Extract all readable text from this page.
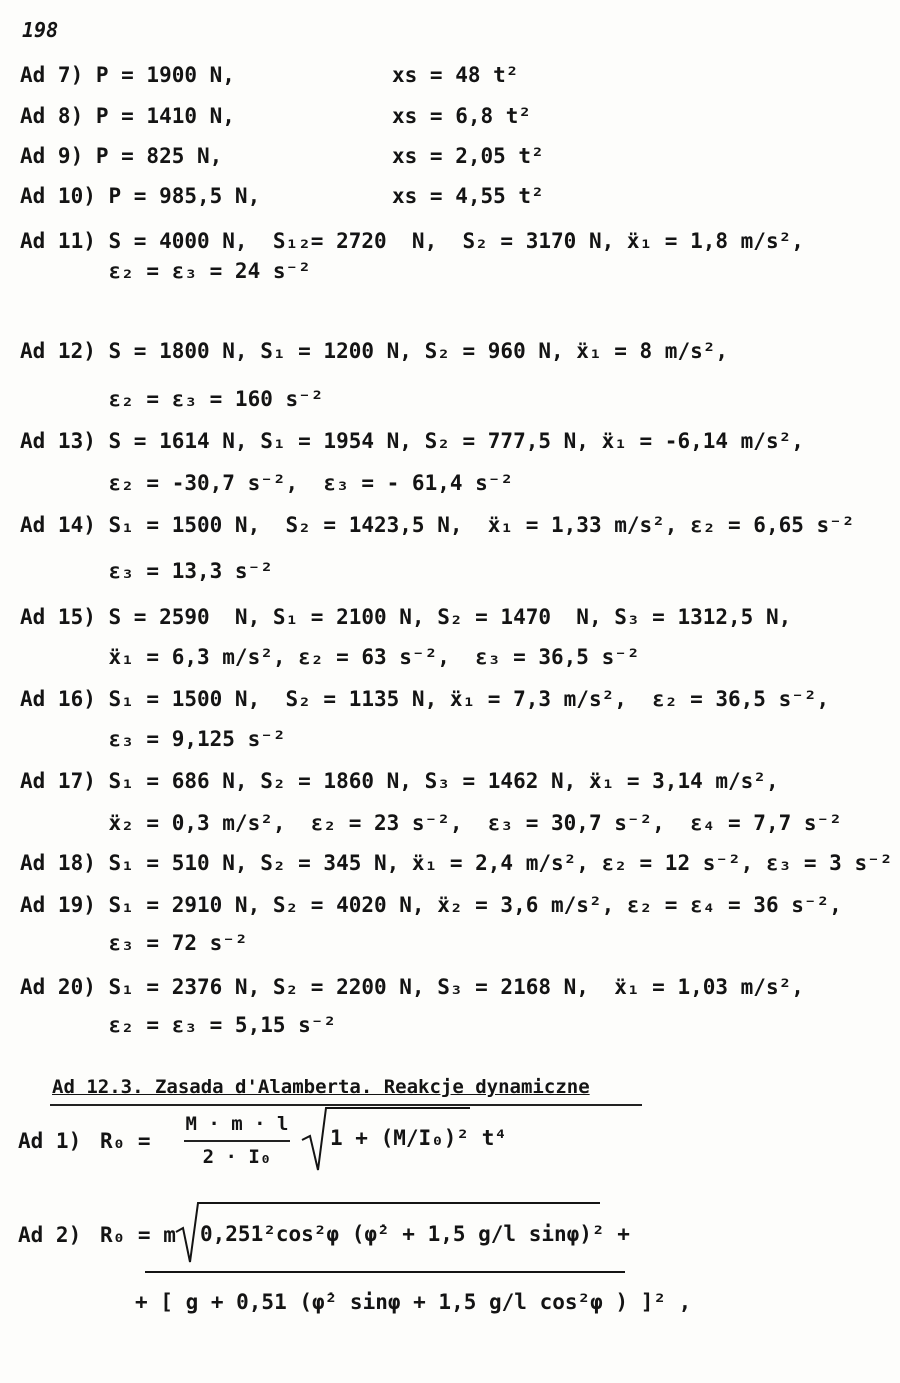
198
Ad 7) P = 1900 N,	xs = 48 t²
Ad 8) P = 1410 N,	xs = 6,8 t²
Ad 9) P = 825 N,	xs = 2,05 t²
Ad 10) P = 985,5 N,	xs = 4,55 t²
Ad 11) S = 4000 N,  S₁₂= 2720  N,  S₂ = 3170 N, ẍ₁ = 1,8 m/s²,
ε₂ = ε₃ = 24 s⁻²
Ad 12) S = 1800 N, S₁ = 1200 N, S₂ = 960 N, ẍ₁ = 8 m/s²,
ε₂ = ε₃ = 160 s⁻²
Ad 13) S = 1614 N, S₁ = 1954 N, S₂ = 777,5 N, ẍ₁ = -6,14 m/s²,
ε₂ = -30,7 s⁻²,  ε₃ = - 61,4 s⁻²
Ad 14) S₁ = 1500 N,  S₂ = 1423,5 N,  ẍ₁ = 1,33 m/s², ε₂ = 6,65 s⁻²
ε₃ = 13,3 s⁻²
Ad 15) S = 2590  N, S₁ = 2100 N, S₂ = 1470  N, S₃ = 1312,5 N,
ẍ₁ = 6,3 m/s², ε₂ = 63 s⁻²,  ε₃ = 36,5 s⁻²
Ad 16) S₁ = 1500 N,  S₂ = 1135 N, ẍ₁ = 7,3 m/s²,  ε₂ = 36,5 s⁻²,
ε₃ = 9,125 s⁻²
Ad 17) S₁ = 686 N, S₂ = 1860 N, S₃ = 1462 N, ẍ₁ = 3,14 m/s²,
ẍ₂ = 0,3 m/s²,  ε₂ = 23 s⁻²,  ε₃ = 30,7 s⁻²,  ε₄ = 7,7 s⁻²
Ad 18) S₁ = 510 N, S₂ = 345 N, ẍ₁ = 2,4 m/s², ε₂ = 12 s⁻², ε₃ = 3 s⁻²
Ad 19) S₁ = 2910 N, S₂ = 4020 N, ẍ₂ = 3,6 m/s², ε₂ = ε₄ = 36 s⁻²,
ε₃ = 72 s⁻²
Ad 20) S₁ = 2376 N, S₂ = 2200 N, S₃ = 2168 N,  ẍ₁ = 1,03 m/s²,
ε₂ = ε₃ = 5,15 s⁻²
Ad 12.3. Zasada d'Alamberta. Reakcje dynamiczne
Ad 1) R₀ =
M · m · l
2 · I₀
1 + (M/I₀)² t⁴
Ad 2) R₀ = m 0,251²cos²φ (φ̇² + 1,5 g/l sinφ)² +
+ [ g + 0,51 (φ̇² sinφ + 1,5 g/l cos²φ ) ]² ,
